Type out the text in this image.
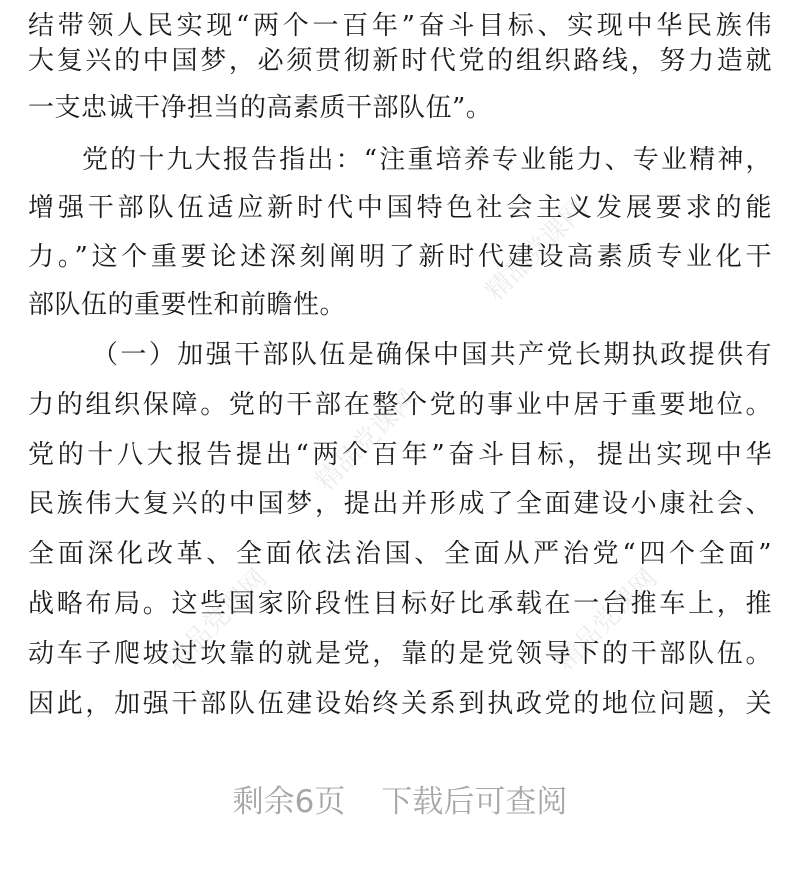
精品党课网
精品党课网
精品党课网	精品党课网
结带领人民实现“两个一百年”奋斗目标、实现中华民族伟
大复兴的中国梦，必须贯彻新时代党的组织路线，努力造就
一支忠诚干净担当的高素质干部队伍”。
党的十九大报告指出：“注重培养专业能力、专业精神，
增强干部队伍适应新时代中国特色社会主义发展要求的能
力。”这个重要论述深刻阐明了新时代建设高素质专业化干
部队伍的重要性和前瞻性。
（一）加强干部队伍是确保中国共产党长期执政提供有
力的组织保障。党的干部在整个党的事业中居于重要地位。
党的十八大报告提出“两个百年”奋斗目标，提出实现中华
民族伟大复兴的中国梦，提出并形成了全面建设小康社会、
全面深化改革、全面依法治国、全面从严治党“四个全面”
战略布局。这些国家阶段性目标好比承载在一台推车上，推
动车子爬坡过坎靠的就是党，靠的是党领导下的干部队伍。
因此，加强干部队伍建设始终关系到执政党的地位问题，关
剩余6页 下载后可查阅
